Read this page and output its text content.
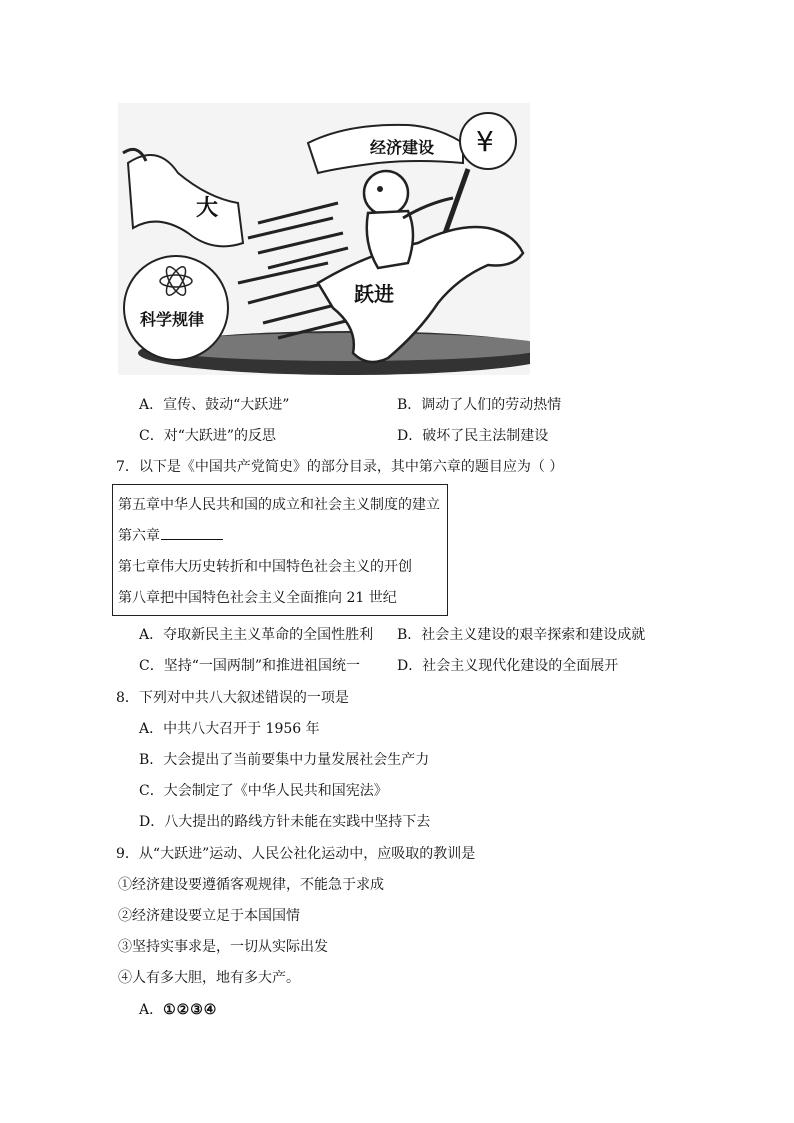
大
科学规律
经济建设 ¥
跃进
A．宣传、鼓动“大跃进”	B．调动了人们的劳动热情
C．对“大跃进”的反思	D．破坏了民主法制建设
7．以下是《中国共产党简史》的部分目录，其中第六章的题目应为（ ）
第五章中华人民共和国的成立和社会主义制度的建立
第六章
第七章伟大历史转折和中国特色社会主义的开创
第八章把中国特色社会主义全面推向 21 世纪
A．夺取新民主主义革命的全国性胜利 B．社会主义建设的艰辛探索和建设成就
C．坚持“一国两制”和推进祖国统一	D．社会主义现代化建设的全面展开
8．下列对中共八大叙述错误的一项是
A．中共八大召开于 1956 年
B．大会提出了当前要集中力量发展社会生产力
C．大会制定了《中华人民共和国宪法》
D．八大提出的路线方针未能在实践中坚持下去
9．从“大跃进”运动、人民公社化运动中，应吸取的教训是
①经济建设要遵循客观规律，不能急于求成
②经济建设要立足于本国国情
③坚持实事求是，一切从实际出发
④人有多大胆，地有多大产。
A．①②③④
